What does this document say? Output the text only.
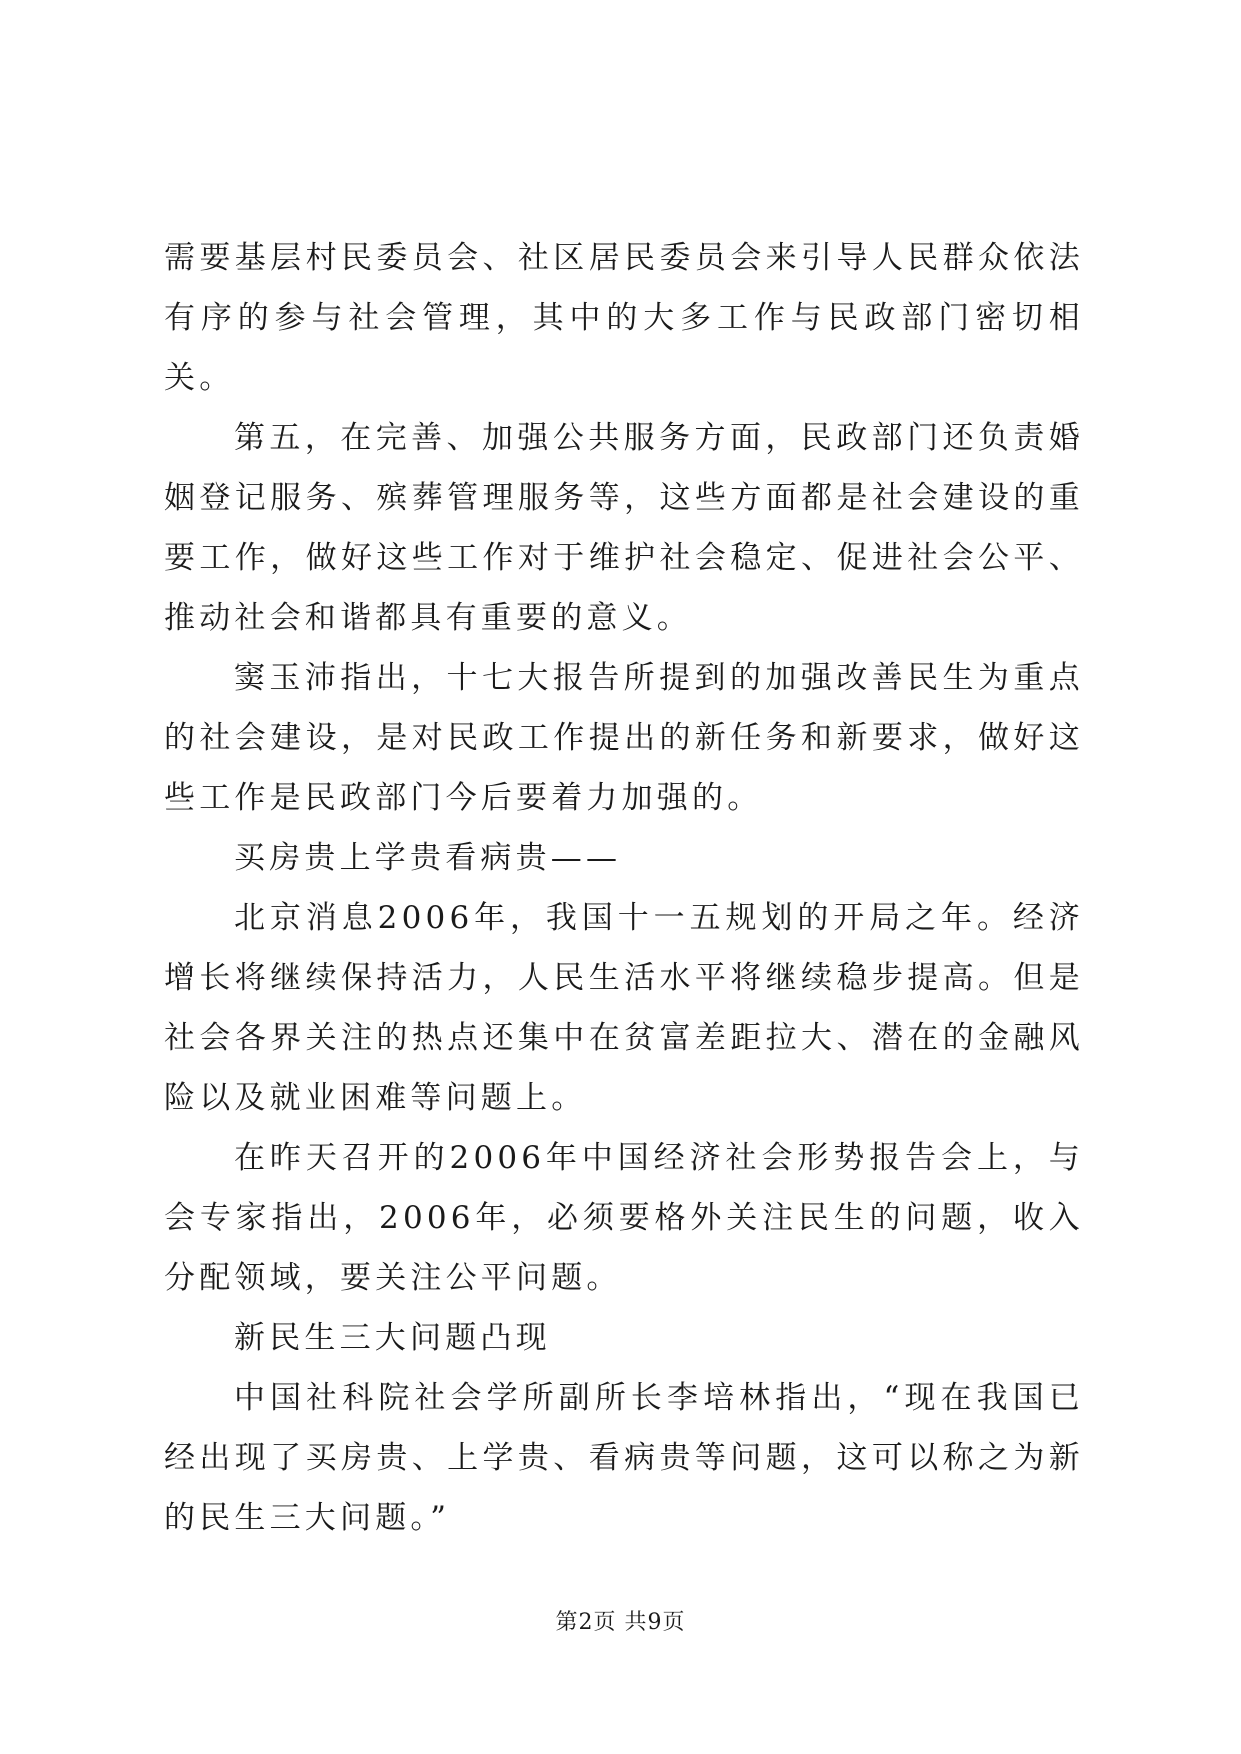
需要基层村民委员会、社区居民委员会来引导人民群众依法有序的参与社会管理，其中的大多工作与民政部门密切相关。

第五，在完善、加强公共服务方面，民政部门还负责婚姻登记服务、殡葬管理服务等，这些方面都是社会建设的重要工作，做好这些工作对于维护社会稳定、促进社会公平、推动社会和谐都具有重要的意义。

窦玉沛指出，十七大报告所提到的加强改善民生为重点的社会建设，是对民政工作提出的新任务和新要求，做好这些工作是民政部门今后要着力加强的。

买房贵上学贵看病贵——

北京消息2006年，我国十一五规划的开局之年。经济增长将继续保持活力，人民生活水平将继续稳步提高。但是社会各界关注的热点还集中在贫富差距拉大、潜在的金融风险以及就业困难等问题上。

在昨天召开的2006年中国经济社会形势报告会上，与会专家指出，2006年，必须要格外关注民生的问题，收入分配领域，要关注公平问题。

新民生三大问题凸现

中国社科院社会学所副所长李培林指出，“现在我国已经出现了买房贵、上学贵、看病贵等问题，这可以称之为新的民生三大问题。”

第2页 共9页
